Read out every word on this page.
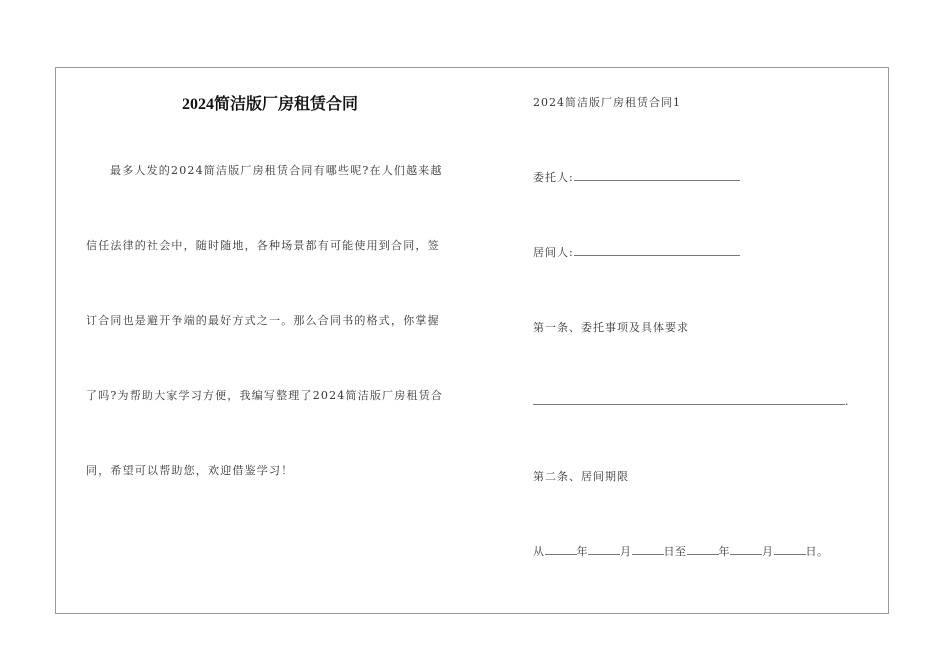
2024简洁版厂房租赁合同
最多人发的2024简洁版厂房租赁合同有哪些呢?在人们越来越
信任法律的社会中，随时随地，各种场景都有可能使用到合同，签
订合同也是避开争端的最好方式之一。那么合同书的格式，你掌握
了吗?为帮助大家学习方便，我编写整理了2024简洁版厂房租赁合
同，希望可以帮助您，欢迎借鉴学习！
2024简洁版厂房租赁合同1
委托人:
居间人:
第一条、委托事项及具体要求
.
第二条、居间期限
从	年	月	日至	年	月	日。
